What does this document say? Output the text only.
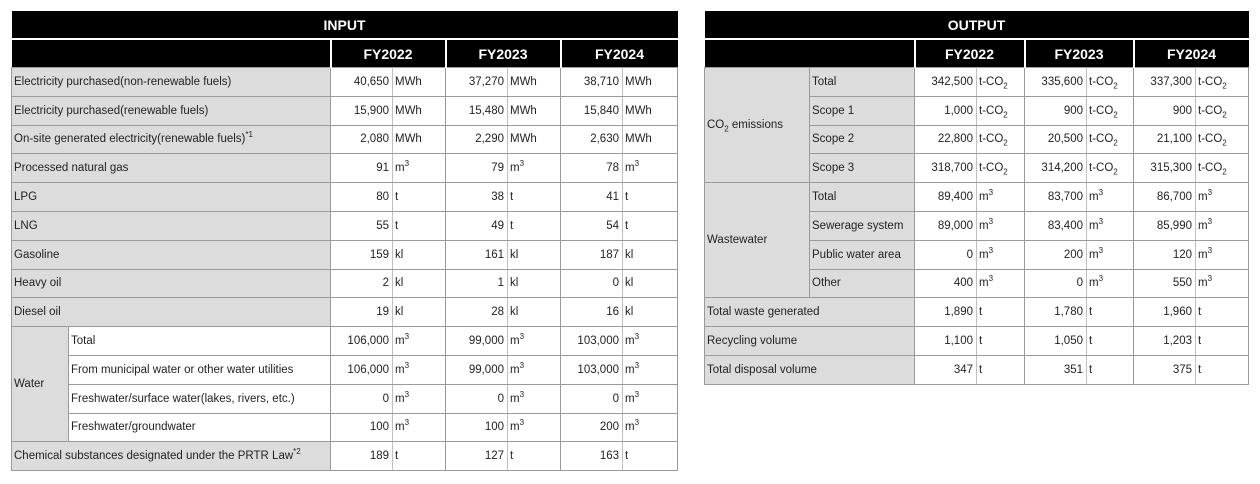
INPUT							
		FY2022		FY2023		FY2024	
Electricity purchased(non-renewable fuels)		40,650	MWh	37,270	MWh	38,710	MWh
Electricity purchased(renewable fuels)		15,900	MWh	15,480	MWh	15,840	MWh
On-site generated electricity(renewable fuels)$^{*1}$		2,080	MWh	2,290	MWh	2,630	MWh
Processed natural gas		91	$m^3$	79	$m^3$	78	$m^3$
LPG		80	t	38	t	41	t
LNG		55	t	49	t	54	t
Gasoline		159	kl	161	kl	187	kl
Heavy oil		2	kl	1	kl	0	kl
Diesel oil		19	kl	28	kl	16	kl
Water	Total	106,000	$m^3$	99,000	$m^3$	103,000	$m^3$
	From municipal water or other water utilities	106,000	$m^3$	99,000	$m^3$	103,000	$m^3$
	Freshwater/surface water(lakes, rivers, etc.)	0	$m^3$	0	$m^3$	0	$m^3$
	Freshwater/groundwater	100	$m^3$	100	$m^3$	200	$m^3$
Chemical substances designated under the PRTR Law$^{*2}$		189	t	127	t	163	t
OUTPUT							
		FY2022		FY2023		FY2024	
$CO_2$ emissions	Total	342,500	$t-CO_2$	335,600	$t-CO_2$	337,300	$t-CO_2$
	Scope 1	1,000	$t-CO_2$	900	$t-CO_2$	900	$t-CO_2$
	Scope 2	22,800	$t-CO_2$	20,500	$t-CO_2$	21,100	$t-CO_2$
	Scope 3	318,700	$t-CO_2$	314,200	$t-CO_2$	315,300	$t-CO_2$
Wastewater	Total	89,400	$m^3$	83,700	$m^3$	86,700	$m^3$
	Sewerage system	89,000	$m^3$	83,400	$m^3$	85,990	$m^3$
	Public water area	0	$m^3$	200	$m^3$	120	$m^3$
	Other	400	$m^3$	0	$m^3$	550	$m^3$
Total waste generated		1,890	t	1,780	t	1,960	t
Recycling volume		1,100	t	1,050	t	1,203	t
Total disposal volume		347	t	351	t	375	t
